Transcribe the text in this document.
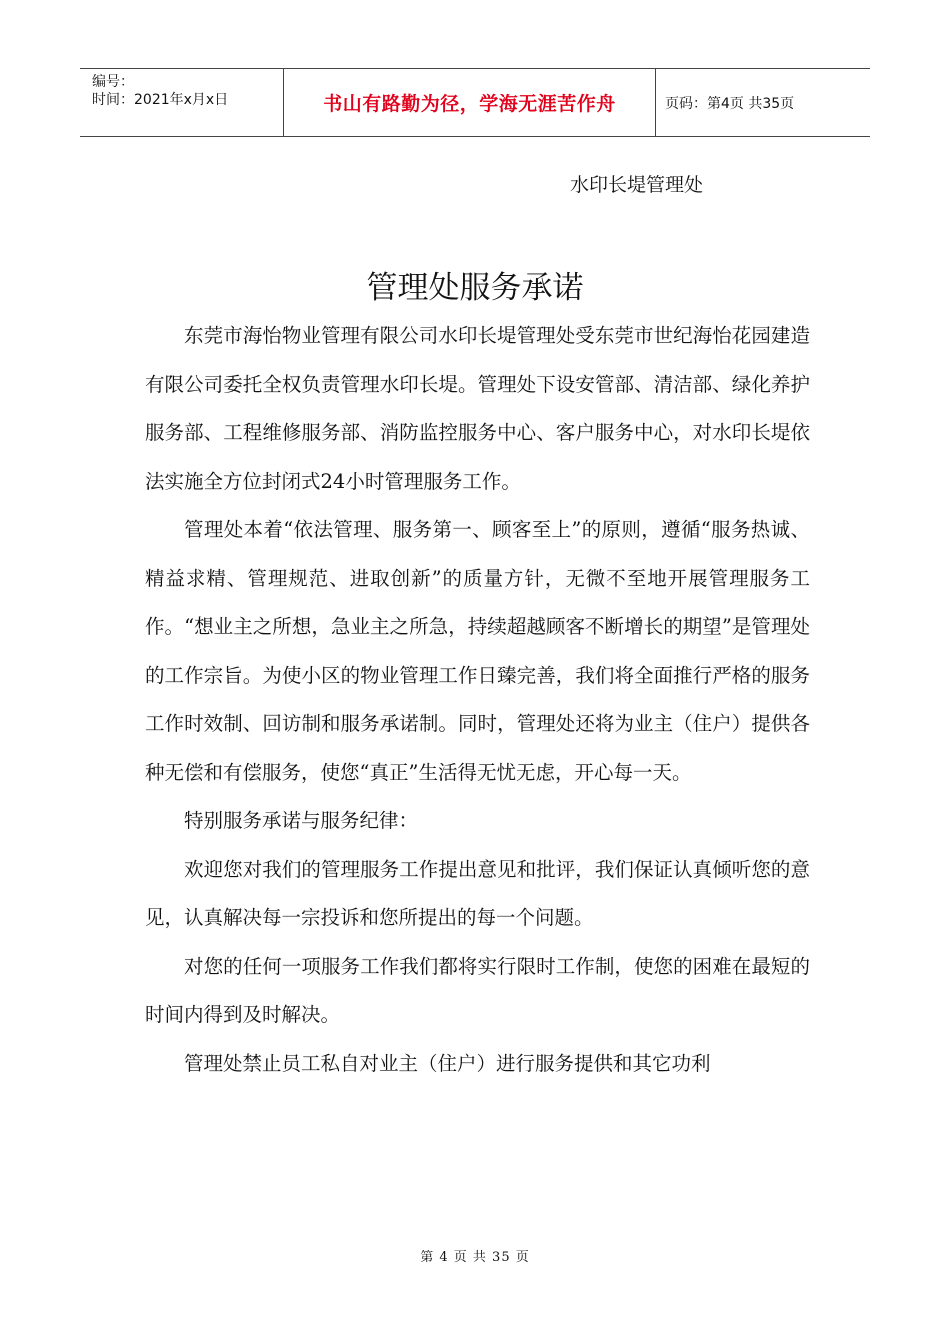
编号：
时间：2021年x月x日	书山有路勤为径，学海无涯苦作舟	页码：第4页 共35页
水印长堤管理处
管理处服务承诺

东莞市海怡物业管理有限公司水印长堤管理处受东莞市世纪海怡花园建造有限公司委托全权负责管理水印长堤。管理处下设安管部、清洁部、绿化养护服务部、工程维修服务部、消防监控服务中心、客户服务中心，对水印长堤依法实施全方位封闭式24小时管理服务工作。

管理处本着“依法管理、服务第一、顾客至上”的原则，遵循“服务热诚、精益求精、管理规范、进取创新”的质量方针，无微不至地开展管理服务工作。“想业主之所想，急业主之所急，持续超越顾客不断增长的期望”是管理处的工作宗旨。为使小区的物业管理工作日臻完善，我们将全面推行严格的服务工作时效制、回访制和服务承诺制。同时，管理处还将为业主（住户）提供各种无偿和有偿服务，使您“真正”生活得无忧无虑，开心每一天。

特别服务承诺与服务纪律：

欢迎您对我们的管理服务工作提出意见和批评，我们保证认真倾听您的意见，认真解决每一宗投诉和您所提出的每一个问题。

对您的任何一项服务工作我们都将实行限时工作制，使您的困难在最短的时间内得到及时解决。

管理处禁止员工私自对业主（住户）进行服务提供和其它功利

第 4 页 共 35 页
